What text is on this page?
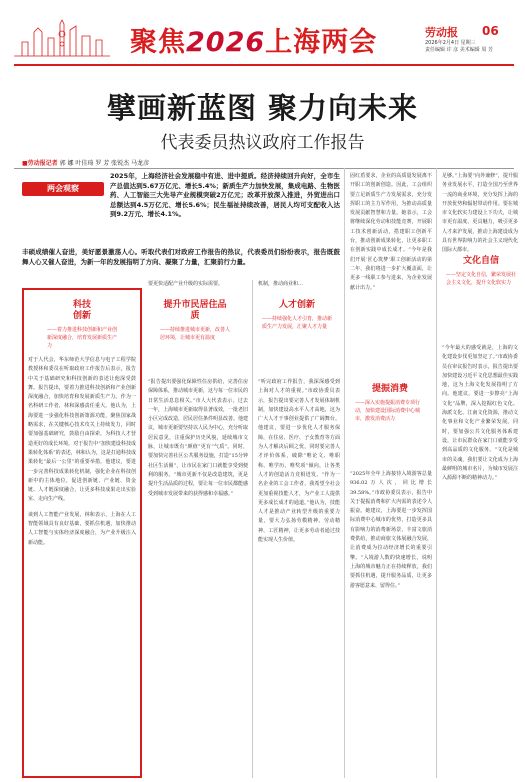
聚焦2026上海两会	劳动报 06
2026年2月4日 星期三
责任编辑 许 彦 美术编辑 周 芳
擘画新蓝图 聚力向未来
代表委员热议政府工作报告
■劳动报记者 郭 娜 叶佳琦 罗 芳 张锐杰 马龙彦
两会观察
2025年，上海经济社会发展稳中有进、进中提质。经济持续回升向好，全市生产总值达到5.67万亿元、增长5.4%；新质生产力加快发展，集成电路、生物医药、人工智能三大先导产业规模突破2万亿元；改革开放深入推进，外贸进出口总额达到4.5万亿元、增长5.6%；民生福祉持续改善，居民人均可支配收入达到9.2万元、增长4.1%。
丰硕成绩催人奋进，美好愿景激荡人心。听取代表们对政府工作报告的热议，代表委员们纷纷表示，报告既鼓舞人心又催人奋进，为新一年的发展指明了方向、凝聚了力量，汇聚前行力量。
科技创新
——着力推进科技创新和产业创新深度融合，培育发展新质生产力
对于人代会，华东师范大学信息与电子工程学院教授林和委员在听取政府工作报告后表示，报告中关于基础研究和科技创新的表述让他深受鼓舞。报告提出，要着力推进科技创新和产业创新深度融合，加快培育和发展新质生产力。作为一名科研工作者，林和深感责任重大。他认为，上海要进一步强化科技创新策源功能，聚焦国家战略需求，在关键核心技术攻关上持续发力，同时要加强基础研究，鼓励自由探索，为科技人才营造更好的成长环境。对于报告中“加快建设科技成果转化体系”的表述，林和认为，这是打通科技成果转化“最后一公里”的重要举措。他建议，要进一步完善科技成果转化机制，强化企业在科技创新中的主体地位，促进创新链、产业链、资金链、人才链深度融合，让更多科技成果走出实验室、走向生产线。
谈到人工智能产业发展，林和表示，上海在人工智能领域具有良好基础，要抓住机遇，加快推动人工智能与实体经济深度融合，为产业升级注入新动能。
要更快适配产业升级的实际需要。
提升市民居住品质
——持续推进城市更新，改善人居环境，让城市更有温度
“报告提出要强化保障性住房供给，完善住房保障体系，推动城市更新，这与每一位市民的日常生活息息相关。”市人大代表表示，过去一年，上海城市更新取得显著成效，一批老旧小区完成改造，居民居住条件明显改善。他建议，城市更新要坚持以人民为中心，充分听取居民意见，注重保护历史风貌，延续城市文脉，让城市既有“颜值”更有“气质”。同时，要加快完善社区公共服务设施，打造“15分钟社区生活圈”，让市民在家门口就能享受到便利的服务。“城市更新不仅是改造建筑，更是提升生活品质的过程，要让每一位市民都能感受到城市发展带来的获得感和幸福感。”
机制，推动商业和…
人才创新
——持续强化人才引育，推动新质生产力发展，汇聚人才力量
“听完政府工作报告，我深深感受到上海对人才的重视。”市政协委员表示，报告提出要完善人才发展体制机制，加快建设高水平人才高地，这为广大人才干事创业提供了广阔舞台。他建议，要进一步优化人才服务保障，在住房、医疗、子女教育等方面为人才解决后顾之忧，同时要完善人才评价体系，破除“唯论文、唯职称、唯学历、唯奖项”倾向，让各类人才的创造活力竞相迸发。“作为一名企业的工会工作者，我希望全社会更加重视技能人才，为产业工人提供更多成长成才的通道。”他认为，技能人才是推动产业转型升级的重要力量，要大力弘扬劳模精神、劳动精神、工匠精神，让更多劳动者通过技能实现人生价值。
固红盾要求，企业的高质量发展离不开职工的创新创造。因此，工会组织要立足新质生产力发展需求，充分发挥职工的主力军作用，为推动高质量发展贡献智慧和力量。她表示，工会将继续深化劳动和技能竞赛，开展职工技术创新活动，搭建职工创新平台，推动创新成果转化，让更多职工在创新实践中成长成才。“今年是我们开展‘匠心筑梦’职工创新活动的第二年，我们将进一步扩大覆盖面，让更多一线职工参与进来，为企业发展献计出力。”
提振消费
——深入实施提振消费专项行动，加快建设国际消费中心城市，激发消费活力
“2025年全年上海接待入境游客总量936.02万人次，同比增长39.58%。”市政协委员表示，报告中关于提振消费和扩大内需的表述令人振奋。她建议，上海要进一步发挥国际消费中心城市的优势，打造更多具有影响力的消费新场景，丰富文旅消费供给，推动商旅文体展融合发展，让消费成为拉动经济增长的重要引擎。“入境游人数的快速增长，说明上海的城市魅力正在持续释放，我们要抓住机遇，提升服务品质，让更多游客愿意来、留得住。”
足够。”上海要“向外兼修”，提升服务业发展水平，打造全国乃至世界一流的商业环境，充分发挥上海的开放优势和辐射带动作用。要在城市文化软实力建设上下功夫，让城市更有温度、更具魅力，吸引更多人才来沪发展，推动上海建设成为具有世界影响力的社会主义现代化国际大都市。
文化自信
——坚定文化自信，繁荣发展社会主义文化，提升文化软实力
“今年最大的感受就是，上海的文化建设步伐更加坚定了。”市政协委员在审议报告时表示，报告提出要加快建设习近平文化思想最佳实践地，这为上海文化发展指明了方向。他建议，要进一步擦亮“上海文化”品牌，深入挖掘红色文化、海派文化、江南文化资源，推动文化事业和文化产业繁荣发展。同时，要加强公共文化服务体系建设，让市民群众在家门口就能享受到高品质的文化服务。“文化是城市的灵魂，我们要让文化成为上海最鲜明的城市名片，为城市发展注入源源不断的精神动力。”
